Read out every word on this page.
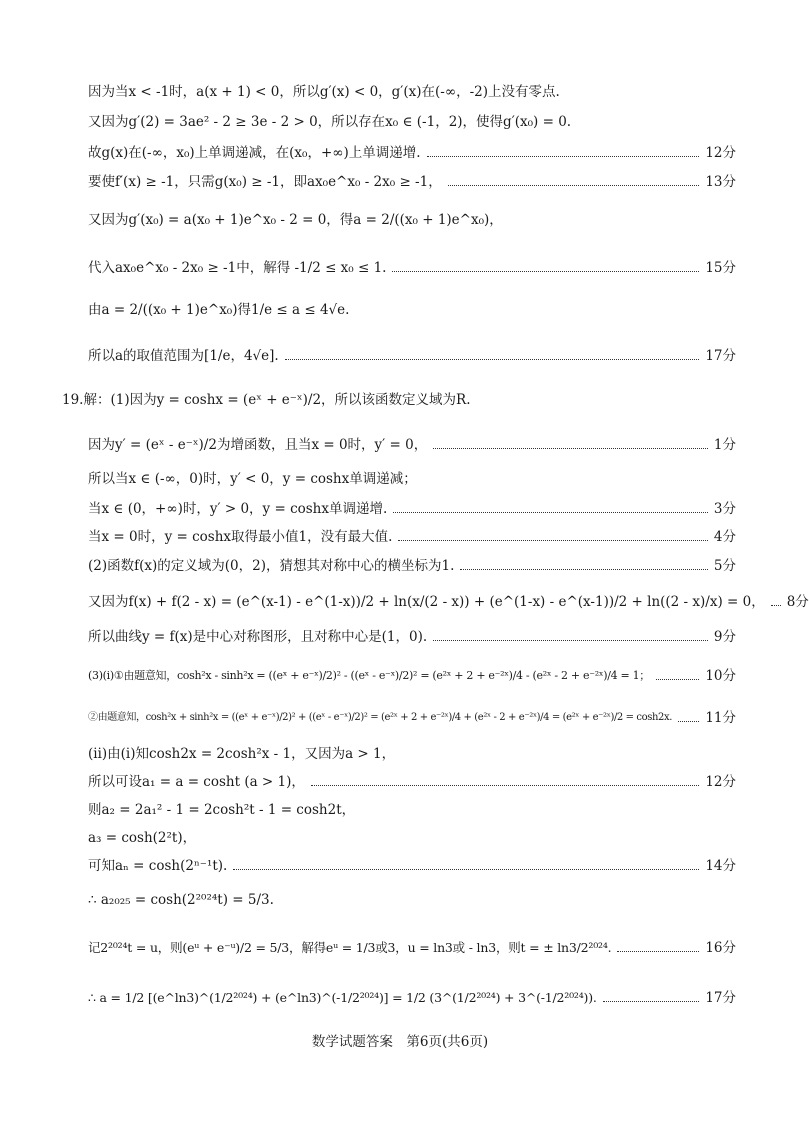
因为当x < -1时，a(x + 1) < 0，所以g′(x) < 0，g′(x)在(-∞，-2)上没有零点.
又因为g′(2) = 3ae² - 2 ≥ 3e - 2 > 0，所以存在x₀ ∈ (-1，2)，使得g′(x₀) = 0.
故g(x)在(-∞，x₀)上单调递减，在(x₀，+∞)上单调递增.	12分
要使f′(x) ≥ -1，只需g(x₀) ≥ -1，即ax₀e^x₀ - 2x₀ ≥ -1，	13分
又因为g′(x₀) = a(x₀ + 1)e^x₀ - 2 = 0，得a = 2/((x₀ + 1)e^x₀)，
代入ax₀e^x₀ - 2x₀ ≥ -1中，解得 -1/2 ≤ x₀ ≤ 1.	15分
由a = 2/((x₀ + 1)e^x₀)得1/e ≤ a ≤ 4√e.
所以a的取值范围为[1/e，4√e].	17分
19.解：(1)因为y = coshx = (eˣ + e⁻ˣ)/2，所以该函数定义域为R.
因为y′ = (eˣ - e⁻ˣ)/2为增函数，且当x = 0时，y′ = 0，	1分
所以当x ∈ (-∞，0)时，y′ < 0，y = coshx单调递减；
当x ∈ (0，+∞)时，y′ > 0，y = coshx单调递增.	3分
当x = 0时，y = coshx取得最小值1，没有最大值.	4分
(2)函数f(x)的定义域为(0，2)，猜想其对称中心的横坐标为1.	5分
又因为f(x) + f(2 - x) = (e^(x-1) - e^(1-x))/2 + ln(x/(2 - x)) + (e^(1-x) - e^(x-1))/2 + ln((2 - x)/x) = 0， 8分
所以曲线y = f(x)是中心对称图形，且对称中心是(1，0).	9分
(3)(ⅰ)①由题意知，cosh²x - sinh²x = ((eˣ + e⁻ˣ)/2)² - ((eˣ - e⁻ˣ)/2)² = (e²ˣ + 2 + e⁻²ˣ)/4 - (e²ˣ - 2 + e⁻²ˣ)/4 = 1；	10分
②由题意知，cosh²x + sinh²x = ((eˣ + e⁻ˣ)/2)² + ((eˣ - e⁻ˣ)/2)² = (e²ˣ + 2 + e⁻²ˣ)/4 + (e²ˣ - 2 + e⁻²ˣ)/4 = (e²ˣ + e⁻²ˣ)/2 = cosh2x. 11分
(ⅱ)由(ⅰ)知cosh2x = 2cosh²x - 1，又因为a > 1，
所以可设a₁ = a = cosht (a > 1)，	12分
则a₂ = 2a₁² - 1 = 2cosh²t - 1 = cosh2t，
a₃ = cosh(2²t)，
可知aₙ = cosh(2ⁿ⁻¹t).	14分
∴ a₂₀₂₅ = cosh(2²⁰²⁴t) = 5/3.
记2²⁰²⁴t = u，则(eᵘ + e⁻ᵘ)/2 = 5/3，解得eᵘ = 1/3或3，u = ln3或 - ln3，则t = ± ln3/2²⁰²⁴.	16分
∴ a = 1/2 [(e^ln3)^(1/2²⁰²⁴) + (e^ln3)^(-1/2²⁰²⁴)] = 1/2 (3^(1/2²⁰²⁴) + 3^(-1/2²⁰²⁴)).	17分
数学试题答案　第6页(共6页)
